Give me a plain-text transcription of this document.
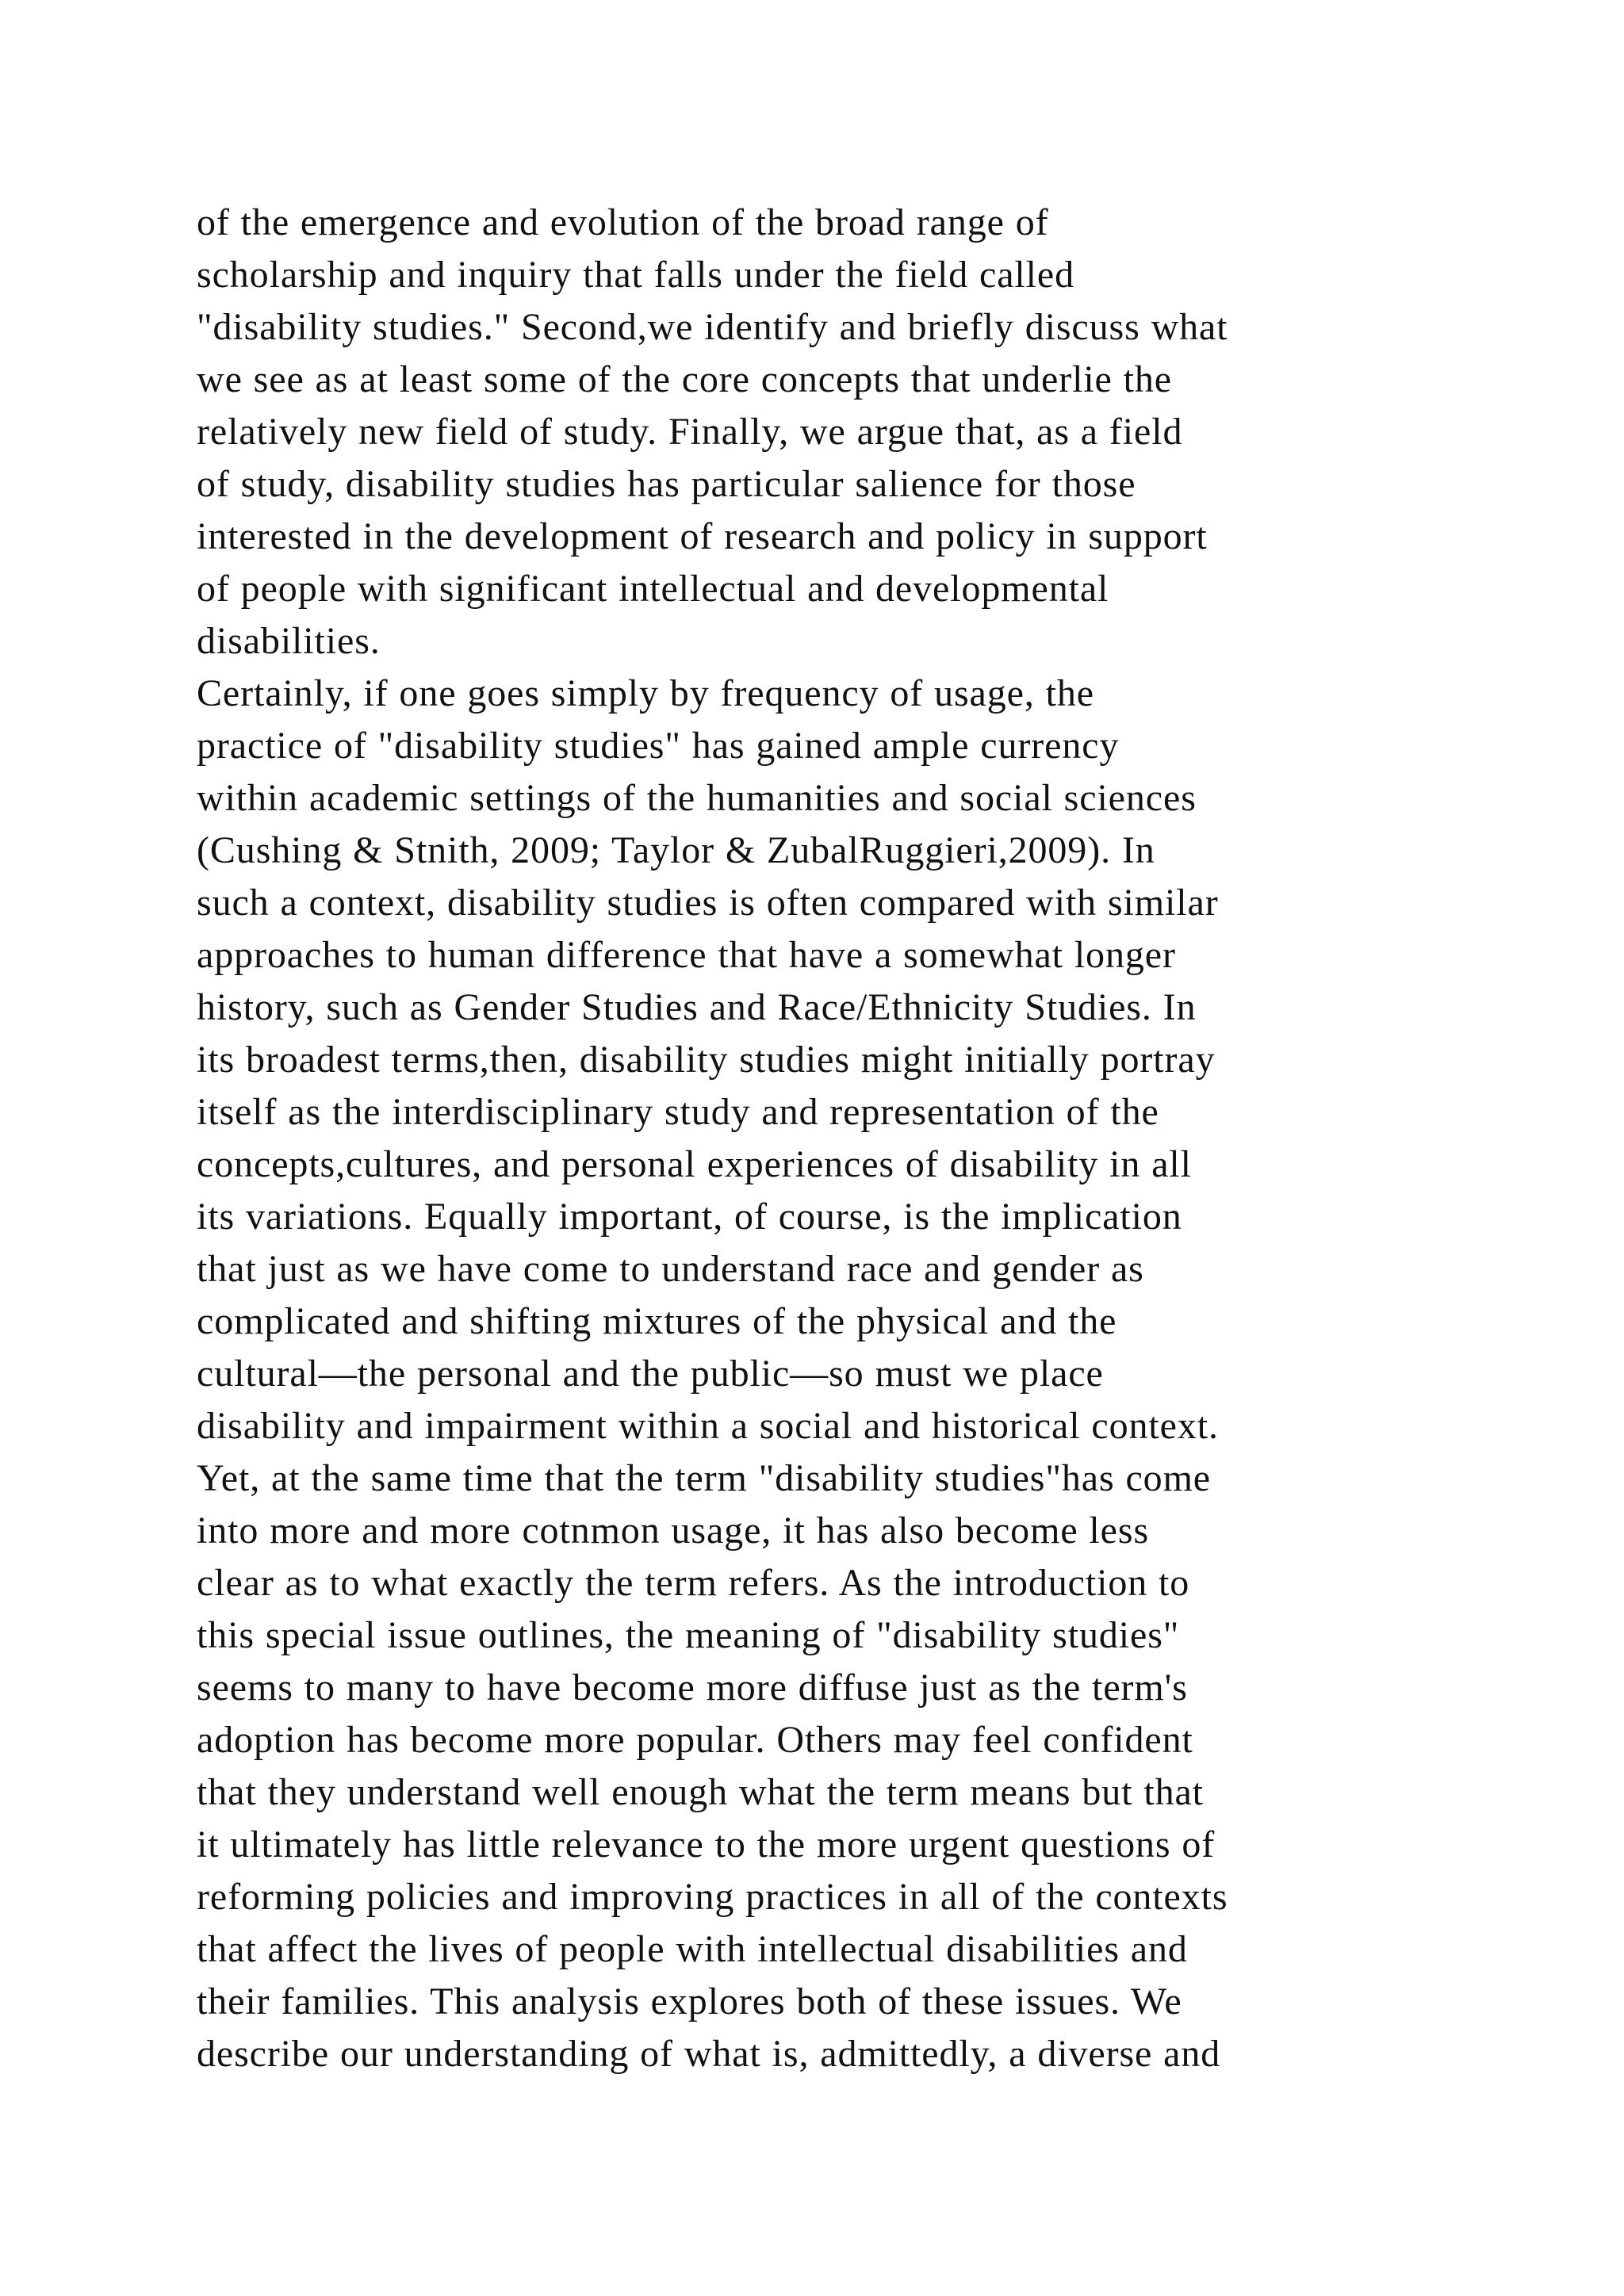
of the emergence and evolution of the broad range of
scholarship and inquiry that falls under the field called
"disability studies." Second,we identify and briefly discuss what
we see as at least some of the core concepts that underlie the
relatively new field of study. Finally, we argue that, as a field
of study, disability studies has particular salience for those
interested in the development of research and policy in support
of people with significant intellectual and developmental
disabilities.
Certainly, if one goes simply by frequency of usage, the
practice of "disability studies" has gained ample currency
within academic settings of the humanities and social sciences
(Cushing & Stnith, 2009; Taylor & ZubalRuggieri,2009). In
such a context, disability studies is often compared with similar
approaches to human difference that have a somewhat longer
history, such as Gender Studies and Race/Ethnicity Studies. In
its broadest terms,then, disability studies might initially portray
itself as the interdisciplinary study and representation of the
concepts,cultures, and personal experiences of disability in all
its variations. Equally important, of course, is the implication
that just as we have come to understand race and gender as
complicated and shifting mixtures of the physical and the
cultural—the personal and the public—so must we place
disability and impairment within a social and historical context.
Yet, at the same time that the term "disability studies"has come
into more and more cotnmon usage, it has also become less
clear as to what exactly the term refers. As the introduction to
this special issue outlines, the meaning of "disability studies"
seems to many to have become more diffuse just as the term's
adoption has become more popular. Others may feel confident
that they understand well enough what the term means but that
it ultimately has little relevance to the more urgent questions of
reforming policies and improving practices in all of the contexts
that affect the lives of people with intellectual disabilities and
their families. This analysis explores both of these issues. We
describe our understanding of what is, admittedly, a diverse and
